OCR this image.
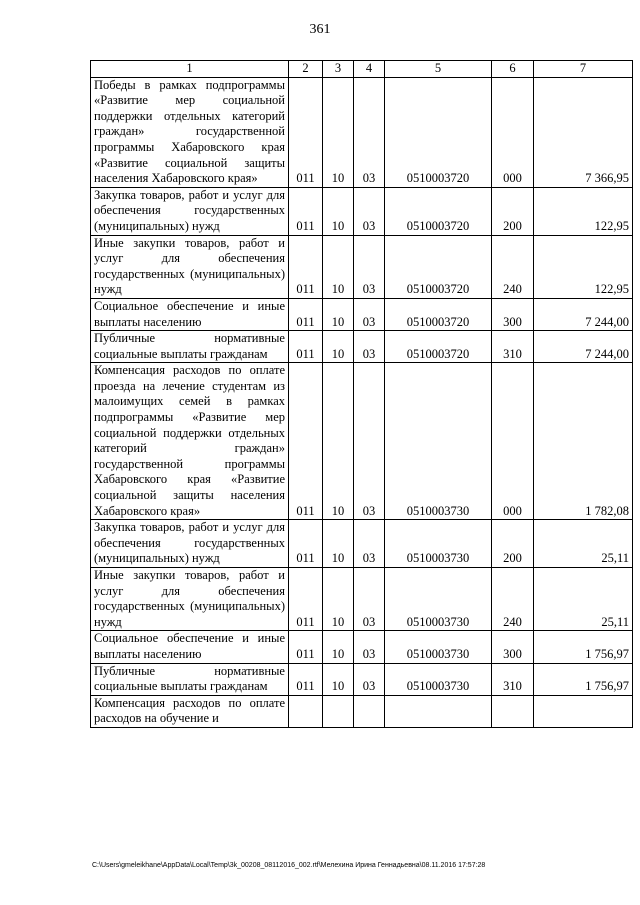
361
1	2	3	4	5	6	7
Победы в рамках подпрограммы «Развитие мер социальной поддержки отдельных категорий граждан» государственной программы Хабаровского края «Развитие социальной защиты населения Хабаровского края»	011	10	03	0510003720	000	7 366,95
Закупка товаров, работ и услуг для обеспечения государственных (муниципальных) нужд	011	10	03	0510003720	200	122,95
Иные закупки товаров, работ и услуг для обеспечения государственных (муниципальных) нужд	011	10	03	0510003720	240	122,95
Социальное обеспечение и иные выплаты населению	011	10	03	0510003720	300	7 244,00
Публичные нормативные социальные выплаты гражданам	011	10	03	0510003720	310	7 244,00
Компенсация расходов по оплате проезда на лечение студентам из малоимущих семей в рамках подпрограммы «Развитие мер социальной поддержки отдельных категорий граждан» государственной программы Хабаровского края «Развитие социальной защиты населения Хабаровского края»	011	10	03	0510003730	000	1 782,08
Закупка товаров, работ и услуг для обеспечения государственных (муниципальных) нужд	011	10	03	0510003730	200	25,11
Иные закупки товаров, работ и услуг для обеспечения государственных (муниципальных) нужд	011	10	03	0510003730	240	25,11
Социальное обеспечение и иные выплаты населению	011	10	03	0510003730	300	1 756,97
Публичные нормативные социальные выплаты гражданам	011	10	03	0510003730	310	1 756,97
Компенсация расходов по оплате расходов на обучение и						
C:\Users\gmeleikhane\AppData\Local\Temp\3k_00208_08112016_002.rtf\Мелехина Ирина Геннадьевна\08.11.2016 17:57:28
